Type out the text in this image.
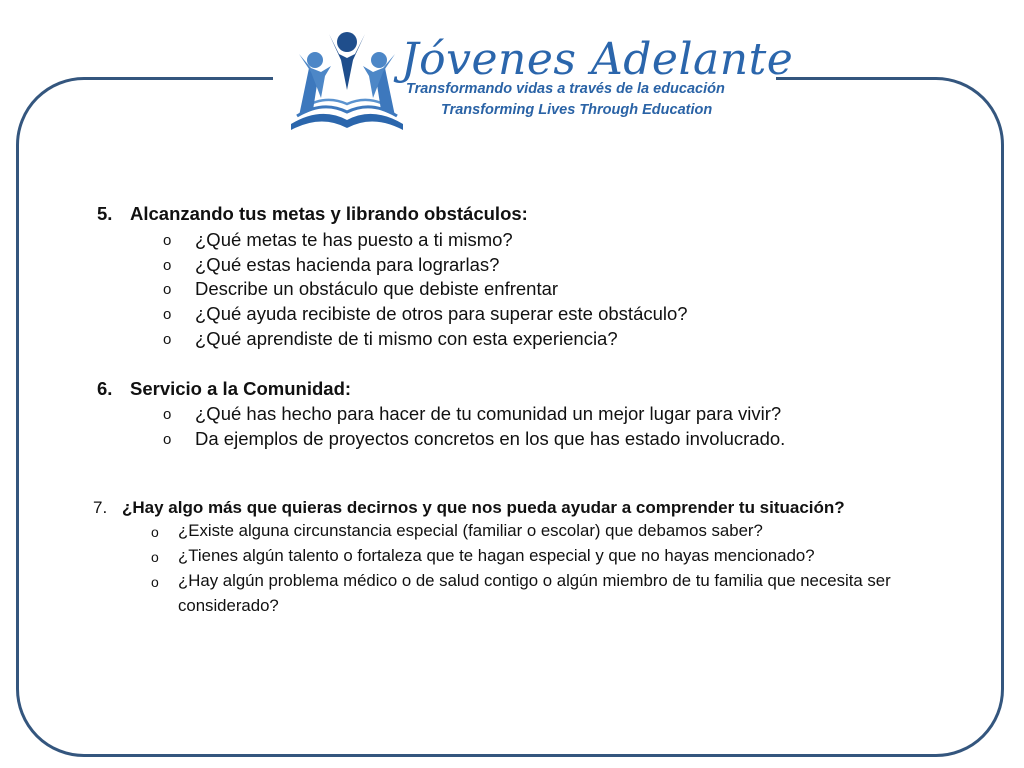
Jóvenes Adelante
Transformando vidas a través de la educación
Transforming Lives Through Education
5. Alcanzando tus metas y librando obstáculos:
o ¿Qué metas te has puesto a ti mismo?
o ¿Qué estas hacienda para lograrlas?
o Describe un obstáculo que debiste enfrentar
o ¿Qué ayuda recibiste de otros para superar este obstáculo?
o ¿Qué aprendiste de ti mismo con esta experiencia?
6. Servicio a la Comunidad:
o ¿Qué has hecho para hacer de tu comunidad un mejor lugar para vivir?
o Da ejemplos de proyectos concretos en los que has estado involucrado.
7. ¿Hay algo más que quieras decirnos y que nos pueda ayudar a comprender tu situación?
o ¿Existe alguna circunstancia especial (familiar o escolar) que debamos saber?
o ¿Tienes algún talento o fortaleza que te hagan especial y que no hayas mencionado?
o ¿Hay algún problema médico o de salud contigo o algún miembro de tu familia que necesita ser
considerado?
